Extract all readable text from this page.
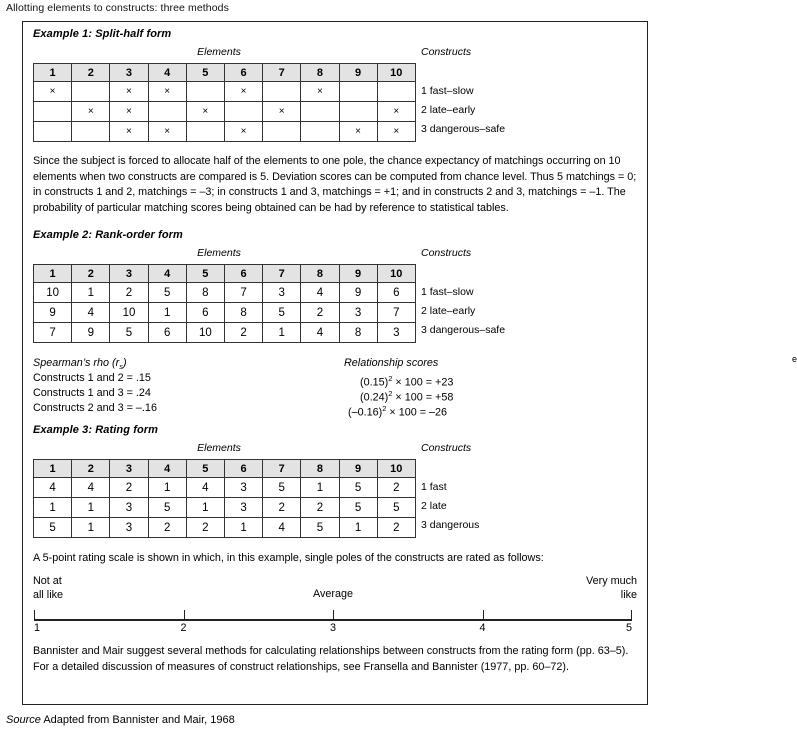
Allotting elements to constructs: three methods
Example 1: Split-half form
Elements	Constructs
1	2	3	4	5	6	7	8	9	10
×		×	×		×		×		
	×	×		×		×			×
		×	×		×			×	×
1 fast–slow
2 late–early
3 dangerous–safe
Since the subject is forced to allocate half of the elements to one pole, the chance expectancy of matchings occurring on 10 elements when two constructs are compared is 5. Deviation scores can be computed from chance level. Thus 5 matchings = 0; in constructs 1 and 2, matchings = –3; in constructs 1 and 3, matchings = +1; and in constructs 2 and 3, matchings = –1. The probability of particular matching scores being obtained can be had by reference to statistical tables.
Example 2: Rank-order form
Elements	Constructs
1	2	3	4	5	6	7	8	9	10
10	1	2	5	8	7	3	4	9	6
9	4	10	1	6	8	5	2	3	7
7	9	5	6	10	2	1	4	8	3
1 fast–slow
2 late–early
3 dangerous–safe
Spearman’s rho $(r_s)$
Constructs 1 and 2 = .15
Constructs 1 and 3 = .24
Constructs 2 and 3 = –.16
e
Relationship scores
$(0.15)^2 \times 100 = +23$
$(0.24)^2 \times 100 = +58$
$(-0.16)^2 \times 100 = -26$
Example 3: Rating form
Elements	Constructs
1	2	3	4	5	6	7	8	9	10
4	4	2	1	4	3	5	1	5	2
1	1	3	5	1	3	2	2	5	5
5	1	3	2	2	1	4	5	1	2
1 fast
2 late
3 dangerous
A 5-point rating scale is shown in which, in this example, single poles of the constructs are rated as follows:
Not at
all like	Average
Very much
like
1	2	3	4	5
Bannister and Mair suggest several methods for calculating relationships between constructs from the rating form (pp. 63–5). For a detailed discussion of measures of construct relationships, see Fransella and Bannister (1977, pp. 60–72).
Source Adapted from Bannister and Mair, 1968
